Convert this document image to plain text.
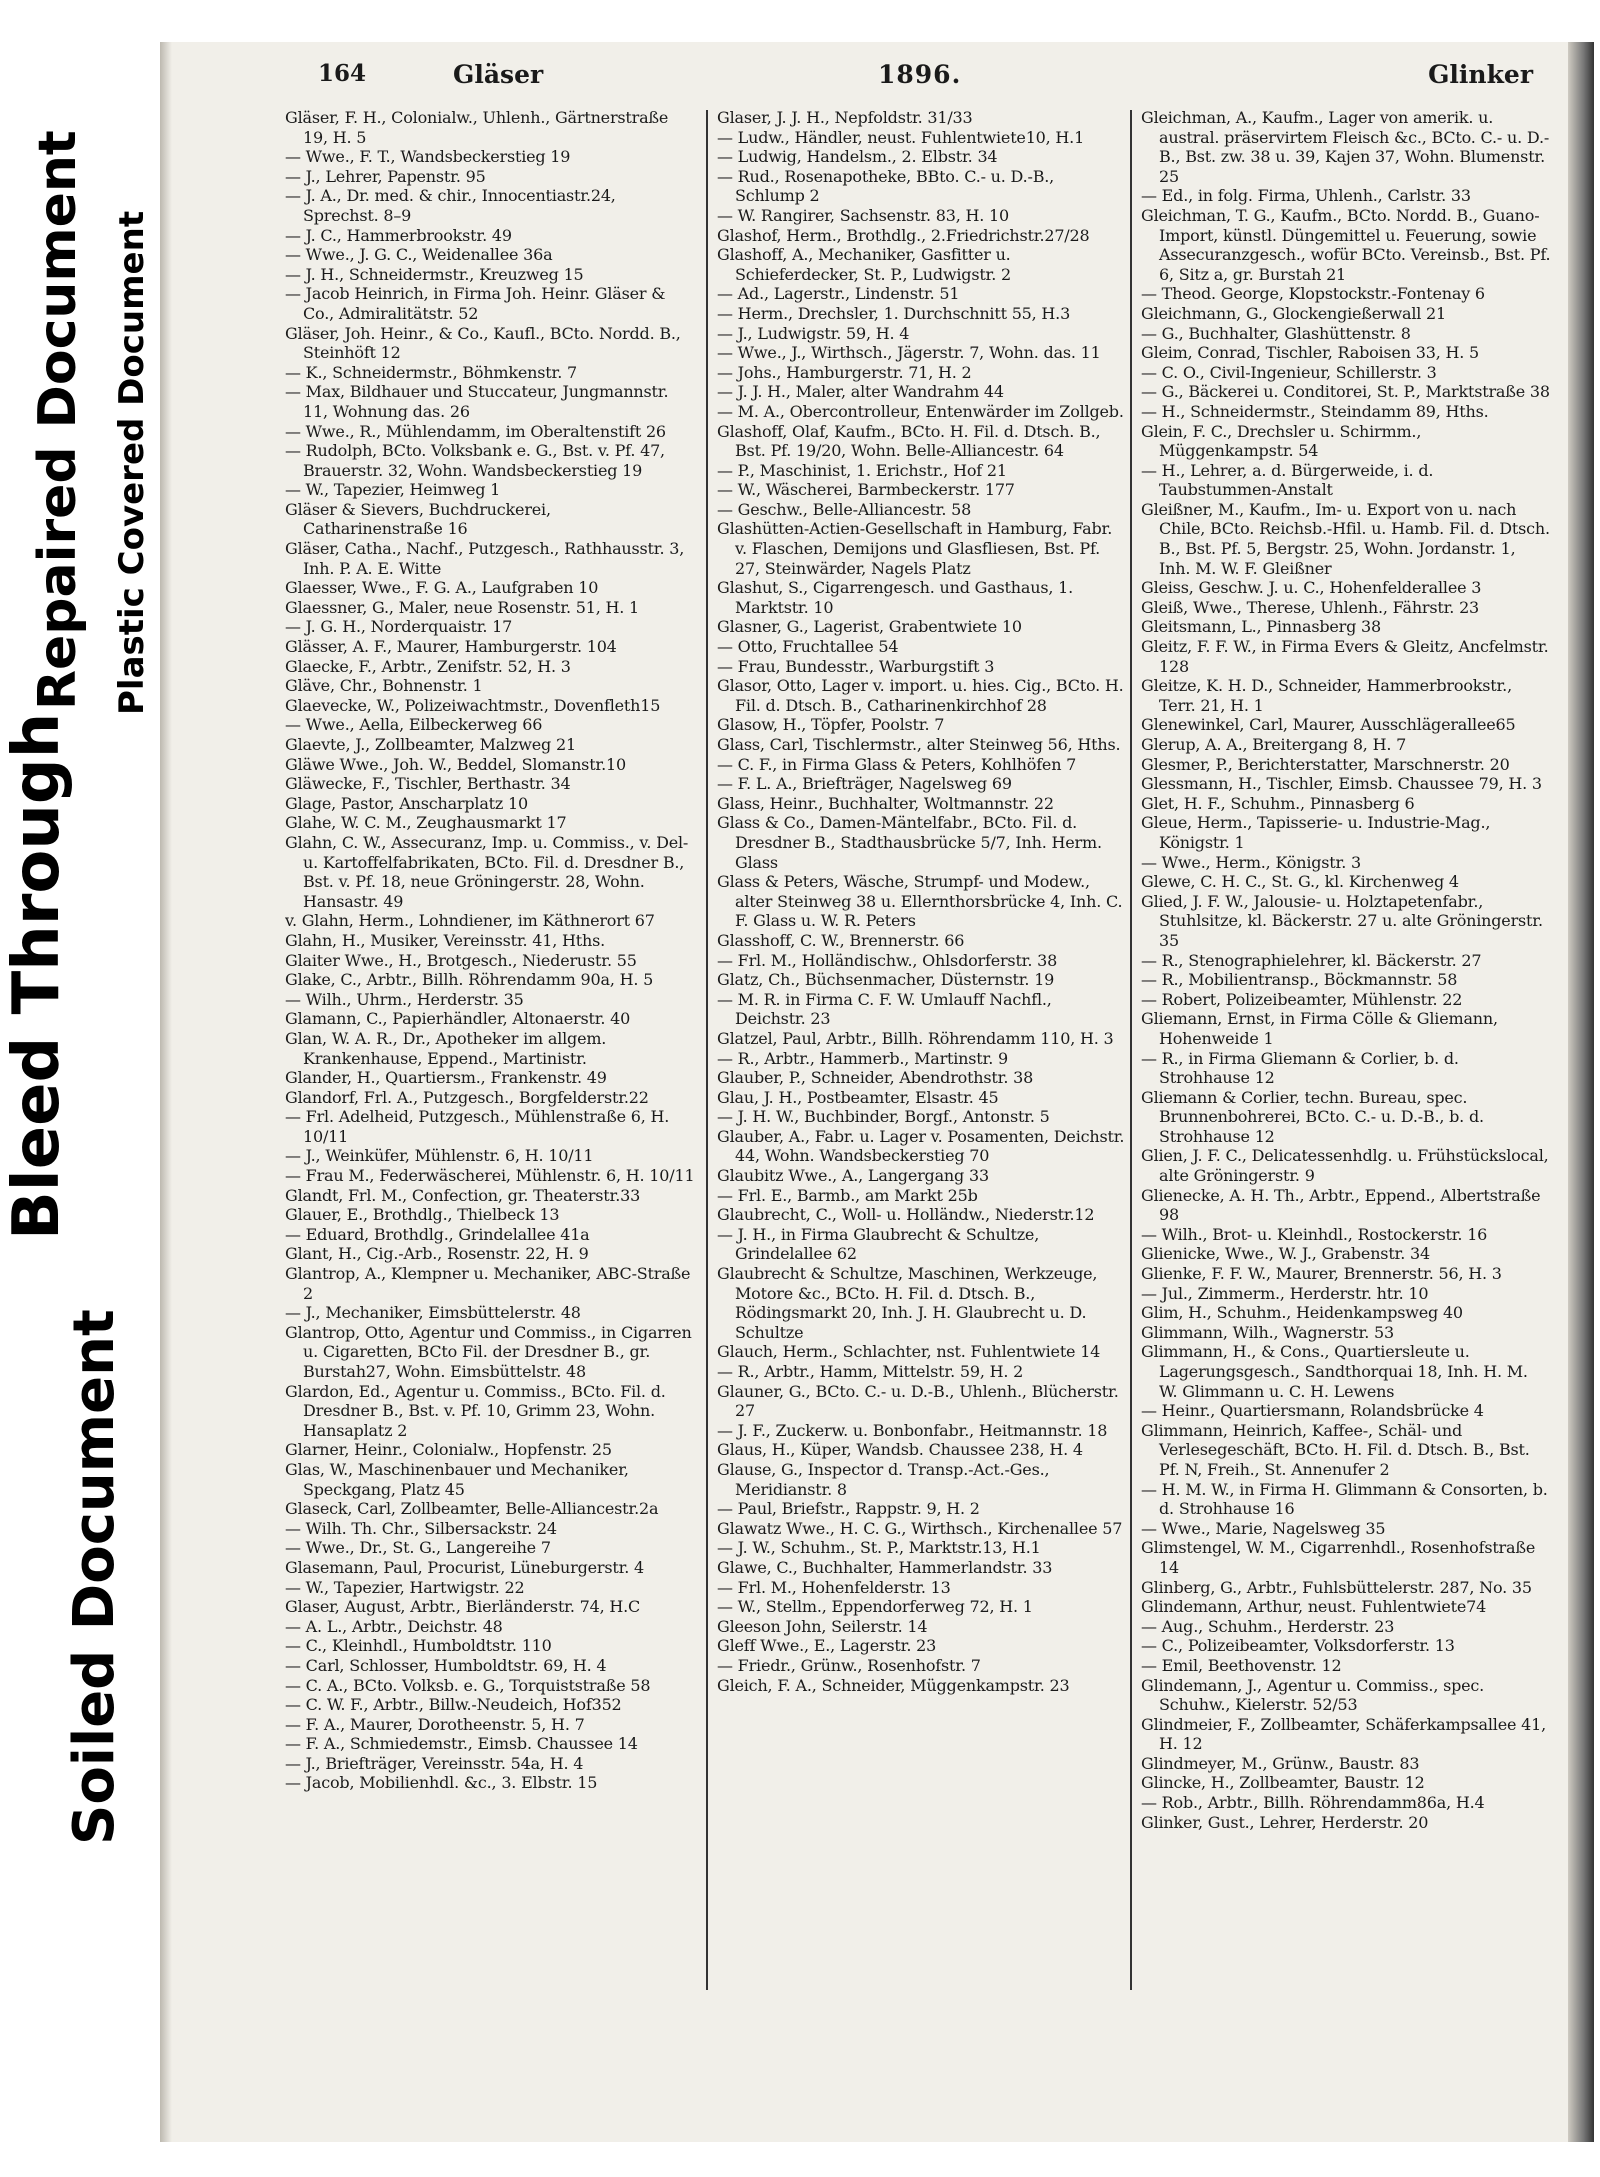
Bleed Through
Soiled Document
Repaired Document Plastic Covered Document
164	Gläser	1896.	Glinker

Gläser, F. H., Colonialw., Uhlenh., Gärtnerstraße 19, H. 5

— Wwe., F. T., Wandsbeckerstieg 19

— J., Lehrer, Papenstr. 95

— J. A., Dr. med. & chir., Innocentiastr.24, Sprechst. 8–9

— J. C., Hammerbrookstr. 49

— Wwe., J. G. C., Weidenallee 36a

— J. H., Schneidermstr., Kreuzweg 15

— Jacob Heinrich, in Firma Joh. Heinr. Gläser & Co., Admiralitätstr. 52

Gläser, Joh. Heinr., & Co., Kaufl., BCto. Nordd. B., Steinhöft 12

— K., Schneidermstr., Böhmkenstr. 7

— Max, Bildhauer und Stuccateur, Jungmannstr. 11, Wohnung das. 26

— Wwe., R., Mühlendamm, im Oberaltenstift 26

— Rudolph, BCto. Volksbank e. G., Bst. v. Pf. 47, Brauerstr. 32, Wohn. Wandsbeckerstieg 19

— W., Tapezier, Heimweg 1

Gläser & Sievers, Buchdruckerei, Catharinenstraße 16

Gläser, Catha., Nachf., Putzgesch., Rathhausstr. 3, Inh. P. A. E. Witte

Glaesser, Wwe., F. G. A., Laufgraben 10

Glaessner, G., Maler, neue Rosenstr. 51, H. 1

— J. G. H., Norderquaistr. 17

Glässer, A. F., Maurer, Hamburgerstr. 104

Glaecke, F., Arbtr., Zenifstr. 52, H. 3

Gläve, Chr., Bohnenstr. 1

Glaevecke, W., Polizeiwachtmstr., Dovenfleth15

— Wwe., Aella, Eilbeckerweg 66

Glaevte, J., Zollbeamter, Malzweg 21

Gläwe Wwe., Joh. W., Beddel, Slomanstr.10

Gläwecke, F., Tischler, Berthastr. 34

Glage, Pastor, Anscharplatz 10

Glahe, W. C. M., Zeughausmarkt 17

Glahn, C. W., Assecuranz, Imp. u. Commiss., v. Del- u. Kartoffelfabrikaten, BCto. Fil. d. Dresdner B., Bst. v. Pf. 18, neue Gröningerstr. 28, Wohn. Hansastr. 49

v. Glahn, Herm., Lohndiener, im Käthnerort 67

Glahn, H., Musiker, Vereinsstr. 41, Hths.

Glaiter Wwe., H., Brotgesch., Niederustr. 55

Glake, C., Arbtr., Billh. Röhrendamm 90a, H. 5

— Wilh., Uhrm., Herderstr. 35

Glamann, C., Papierhändler, Altonaerstr. 40

Glan, W. A. R., Dr., Apotheker im allgem. Krankenhause, Eppend., Martinistr.

Glander, H., Quartiersm., Frankenstr. 49

Glandorf, Frl. A., Putzgesch., Borgfelderstr.22

— Frl. Adelheid, Putzgesch., Mühlenstraße 6, H. 10/11

— J., Weinküfer, Mühlenstr. 6, H. 10/11

— Frau M., Federwäscherei, Mühlenstr. 6, H. 10/11

Glandt, Frl. M., Confection, gr. Theaterstr.33

Glauer, E., Brothdlg., Thielbeck 13

— Eduard, Brothdlg., Grindelallee 41a

Glant, H., Cig.-Arb., Rosenstr. 22, H. 9

Glantrop, A., Klempner u. Mechaniker, ABC-Straße 2

— J., Mechaniker, Eimsbüttelerstr. 48

Glantrop, Otto, Agentur und Commiss., in Cigarren u. Cigaretten, BCto Fil. der Dresdner B., gr. Burstah27, Wohn. Eimsbüttelstr. 48

Glardon, Ed., Agentur u. Commiss., BCto. Fil. d. Dresdner B., Bst. v. Pf. 10, Grimm 23, Wohn. Hansaplatz 2

Glarner, Heinr., Colonialw., Hopfenstr. 25

Glas, W., Maschinenbauer und Mechaniker, Speckgang, Platz 45

Glaseck, Carl, Zollbeamter, Belle-Alliancestr.2a

— Wilh. Th. Chr., Silbersackstr. 24

— Wwe., Dr., St. G., Langereihe 7

Glasemann, Paul, Procurist, Lüneburgerstr. 4

— W., Tapezier, Hartwigstr. 22

Glaser, August, Arbtr., Bierländerstr. 74, H.C

— A. L., Arbtr., Deichstr. 48

— C., Kleinhdl., Humboldtstr. 110

— Carl, Schlosser, Humboldtstr. 69, H. 4

— C. A., BCto. Volksb. e. G., Torquiststraße 58

— C. W. F., Arbtr., Billw.-Neudeich, Hof352

— F. A., Maurer, Dorotheenstr. 5, H. 7

— F. A., Schmiedemstr., Eimsb. Chaussee 14

— J., Briefträger, Vereinsstr. 54a, H. 4

— Jacob, Mobilienhdl. &c., 3. Elbstr. 15

Glaser, J. J. H., Nepfoldstr. 31/33

— Ludw., Händler, neust. Fuhlentwiete10, H.1

— Ludwig, Handelsm., 2. Elbstr. 34

— Rud., Rosenapotheke, BBto. C.- u. D.-B., Schlump 2

— W. Rangirer, Sachsenstr. 83, H. 10

Glashof, Herm., Brothdlg., 2.Friedrichstr.27/28

Glashoff, A., Mechaniker, Gasfitter u. Schieferdecker, St. P., Ludwigstr. 2

— Ad., Lagerstr., Lindenstr. 51

— Herm., Drechsler, 1. Durchschnitt 55, H.3

— J., Ludwigstr. 59, H. 4

— Wwe., J., Wirthsch., Jägerstr. 7, Wohn. das. 11

— Johs., Hamburgerstr. 71, H. 2

— J. J. H., Maler, alter Wandrahm 44

— M. A., Obercontrolleur, Entenwärder im Zollgeb.

Glashoff, Olaf, Kaufm., BCto. H. Fil. d. Dtsch. B., Bst. Pf. 19/20, Wohn. Belle-Alliancestr. 64

— P., Maschinist, 1. Erichstr., Hof 21

— W., Wäscherei, Barmbeckerstr. 177

— Geschw., Belle-Alliancestr. 58

Glashütten-Actien-Gesellschaft in Hamburg, Fabr. v. Flaschen, Demijons und Glasfliesen, Bst. Pf. 27, Steinwärder, Nagels Platz

Glashut, S., Cigarrengesch. und Gasthaus, 1. Marktstr. 10

Glasner, G., Lagerist, Grabentwiete 10

— Otto, Fruchtallee 54

— Frau, Bundesstr., Warburgstift 3

Glasor, Otto, Lager v. import. u. hies. Cig., BCto. H. Fil. d. Dtsch. B., Catharinenkirchhof 28

Glasow, H., Töpfer, Poolstr. 7

Glass, Carl, Tischlermstr., alter Steinweg 56, Hths.

— C. F., in Firma Glass & Peters, Kohlhöfen 7

— F. L. A., Briefträger, Nagelsweg 69

Glass, Heinr., Buchhalter, Woltmannstr. 22

Glass & Co., Damen-Mäntelfabr., BCto. Fil. d. Dresdner B., Stadthausbrücke 5/7, Inh. Herm. Glass

Glass & Peters, Wäsche, Strumpf- und Modew., alter Steinweg 38 u. Ellernthorsbrücke 4, Inh. C. F. Glass u. W. R. Peters

Glasshoff, C. W., Brennerstr. 66

— Frl. M., Holländischw., Ohlsdorferstr. 38

Glatz, Ch., Büchsenmacher, Düsternstr. 19

— M. R. in Firma C. F. W. Umlauff Nachfl., Deichstr. 23

Glatzel, Paul, Arbtr., Billh. Röhrendamm 110, H. 3

— R., Arbtr., Hammerb., Martinstr. 9

Glauber, P., Schneider, Abendrothstr. 38

Glau, J. H., Postbeamter, Elsastr. 45

— J. H. W., Buchbinder, Borgf., Antonstr. 5

Glauber, A., Fabr. u. Lager v. Posamenten, Deichstr. 44, Wohn. Wandsbeckerstieg 70

Glaubitz Wwe., A., Langergang 33

— Frl. E., Barmb., am Markt 25b

Glaubrecht, C., Woll- u. Holländw., Niederstr.12

— J. H., in Firma Glaubrecht & Schultze, Grindelallee 62

Glaubrecht & Schultze, Maschinen, Werkzeuge, Motore &c., BCto. H. Fil. d. Dtsch. B., Rödingsmarkt 20, Inh. J. H. Glaubrecht u. D. Schultze

Glauch, Herm., Schlachter, nst. Fuhlentwiete 14

— R., Arbtr., Hamm, Mittelstr. 59, H. 2

Glauner, G., BCto. C.- u. D.-B., Uhlenh., Blücherstr. 27

— J. F., Zuckerw. u. Bonbonfabr., Heitmannstr. 18

Glaus, H., Küper, Wandsb. Chaussee 238, H. 4

Glause, G., Inspector d. Transp.-Act.-Ges., Meridianstr. 8

— Paul, Briefstr., Rappstr. 9, H. 2

Glawatz Wwe., H. C. G., Wirthsch., Kirchenallee 57

— J. W., Schuhm., St. P., Marktstr.13, H.1

Glawe, C., Buchhalter, Hammerlandstr. 33

— Frl. M., Hohenfelderstr. 13

— W., Stellm., Eppendorferweg 72, H. 1

Gleeson John, Seilerstr. 14

Gleff Wwe., E., Lagerstr. 23

— Friedr., Grünw., Rosenhofstr. 7

Gleich, F. A., Schneider, Müggenkampstr. 23

Gleichman, A., Kaufm., Lager von amerik. u. austral. präservirtem Fleisch &c., BCto. C.- u. D.-B., Bst. zw. 38 u. 39, Kajen 37, Wohn. Blumenstr. 25

— Ed., in folg. Firma, Uhlenh., Carlstr. 33

Gleichman, T. G., Kaufm., BCto. Nordd. B., Guano-Import, künstl. Düngemittel u. Feuerung, sowie Assecuranzgesch., wofür BCto. Vereinsb., Bst. Pf. 6, Sitz a, gr. Burstah 21

— Theod. George, Klopstockstr.-Fontenay 6

Gleichmann, G., Glockengießerwall 21

— G., Buchhalter, Glashüttenstr. 8

Gleim, Conrad, Tischler, Raboisen 33, H. 5

— C. O., Civil-Ingenieur, Schillerstr. 3

— G., Bäckerei u. Conditorei, St. P., Marktstraße 38

— H., Schneidermstr., Steindamm 89, Hths.

Glein, F. C., Drechsler u. Schirmm., Müggenkampstr. 54

— H., Lehrer, a. d. Bürgerweide, i. d. Taubstummen-Anstalt

Gleißner, M., Kaufm., Im- u. Export von u. nach Chile, BCto. Reichsb.-Hfil. u. Hamb. Fil. d. Dtsch. B., Bst. Pf. 5, Bergstr. 25, Wohn. Jordanstr. 1, Inh. M. W. F. Gleißner

Gleiss, Geschw. J. u. C., Hohenfelderallee 3

Gleiß, Wwe., Therese, Uhlenh., Fährstr. 23

Gleitsmann, L., Pinnasberg 38

Gleitz, F. F. W., in Firma Evers & Gleitz, Ancfelmstr. 128

Gleitze, K. H. D., Schneider, Hammerbrookstr., Terr. 21, H. 1

Glenewinkel, Carl, Maurer, Ausschlägerallee65

Glerup, A. A., Breitergang 8, H. 7

Glesmer, P., Berichterstatter, Marschnerstr. 20

Glessmann, H., Tischler, Eimsb. Chaussee 79, H. 3

Glet, H. F., Schuhm., Pinnasberg 6

Gleue, Herm., Tapisserie- u. Industrie-Mag., Königstr. 1

— Wwe., Herm., Königstr. 3

Glewe, C. H. C., St. G., kl. Kirchenweg 4

Glied, J. F. W., Jalousie- u. Holztapetenfabr., Stuhlsitze, kl. Bäckerstr. 27 u. alte Gröningerstr. 35

— R., Stenographielehrer, kl. Bäckerstr. 27

— R., Mobilientransp., Böckmannstr. 58

— Robert, Polizeibeamter, Mühlenstr. 22

Gliemann, Ernst, in Firma Cölle & Gliemann, Hohenweide 1

— R., in Firma Gliemann & Corlier, b. d. Strohhause 12

Gliemann & Corlier, techn. Bureau, spec. Brunnenbohrerei, BCto. C.- u. D.-B., b. d. Strohhause 12

Glien, J. F. C., Delicatessenhdlg. u. Frühstückslocal, alte Gröningerstr. 9

Glienecke, A. H. Th., Arbtr., Eppend., Albertstraße 98

— Wilh., Brot- u. Kleinhdl., Rostockerstr. 16

Glienicke, Wwe., W. J., Grabenstr. 34

Glienke, F. F. W., Maurer, Brennerstr. 56, H. 3

— Jul., Zimmerm., Herderstr. htr. 10

Glim, H., Schuhm., Heidenkampsweg 40

Glimmann, Wilh., Wagnerstr. 53

Glimmann, H., & Cons., Quartiersleute u. Lagerungsgesch., Sandthorquai 18, Inh. H. M. W. Glimmann u. C. H. Lewens

— Heinr., Quartiersmann, Rolandsbrücke 4

Glimmann, Heinrich, Kaffee-, Schäl- und Verlesegeschäft, BCto. H. Fil. d. Dtsch. B., Bst. Pf. N, Freih., St. Annenufer 2

— H. M. W., in Firma H. Glimmann & Consorten, b. d. Strohhause 16

— Wwe., Marie, Nagelsweg 35

Glimstengel, W. M., Cigarrenhdl., Rosenhofstraße 14

Glinberg, G., Arbtr., Fuhlsbüttelerstr. 287, No. 35

Glindemann, Arthur, neust. Fuhlentwiete74

— Aug., Schuhm., Herderstr. 23

— C., Polizeibeamter, Volksdorferstr. 13

— Emil, Beethovenstr. 12

Glindemann, J., Agentur u. Commiss., spec. Schuhw., Kielerstr. 52/53

Glindmeier, F., Zollbeamter, Schäferkampsallee 41, H. 12

Glindmeyer, M., Grünw., Baustr. 83

Glincke, H., Zollbeamter, Baustr. 12

— Rob., Arbtr., Billh. Röhrendamm86a, H.4

Glinker, Gust., Lehrer, Herderstr. 20
